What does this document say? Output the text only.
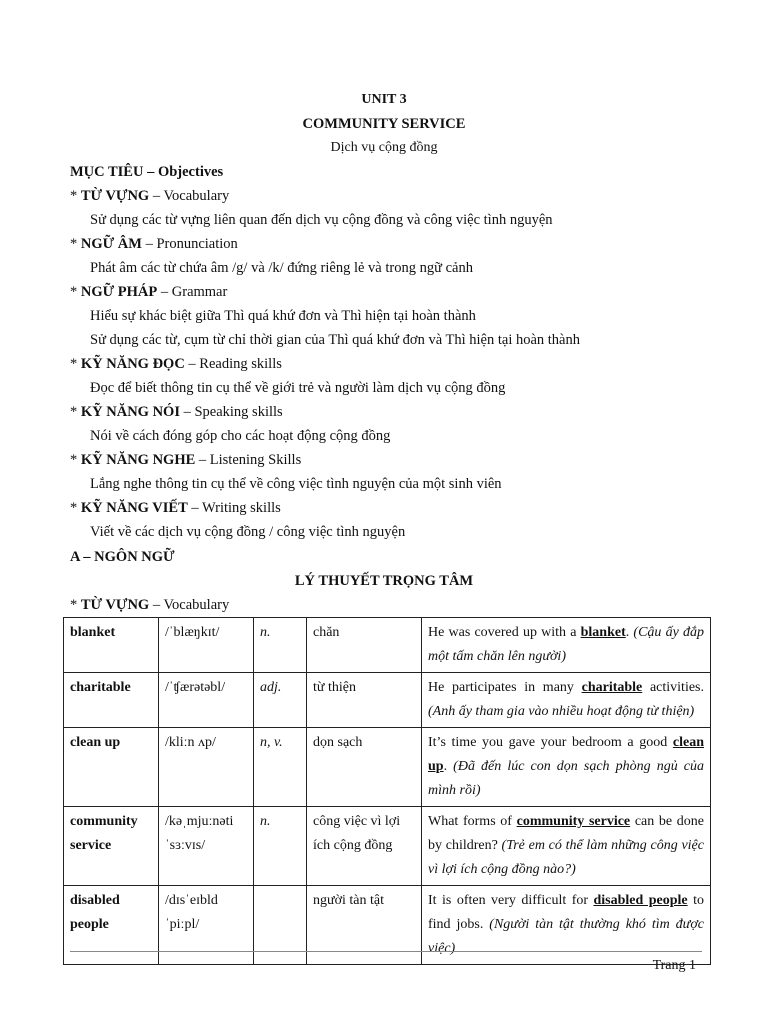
UNIT 3
COMMUNITY SERVICE
Dịch vụ cộng đồng
MỤC TIÊU – Objectives
* TỪ VỰNG – Vocabulary
Sử dụng các từ vựng liên quan đến dịch vụ cộng đồng và công việc tình nguyện
* NGỮ ÂM – Pronunciation
Phát âm các từ chứa âm /g/ và /k/ đứng riêng lẻ và trong ngữ cảnh
* NGỮ PHÁP – Grammar
Hiểu sự khác biệt giữa Thì quá khứ đơn và Thì hiện tại hoàn thành
Sử dụng các từ, cụm từ chỉ thời gian của Thì quá khứ đơn và Thì hiện tại hoàn thành
* KỸ NĂNG ĐỌC – Reading skills
Đọc để biết thông tin cụ thể về giới trẻ và người làm dịch vụ cộng đồng
* KỸ NĂNG NÓI – Speaking skills
Nói về cách đóng góp cho các hoạt động cộng đồng
* KỸ NĂNG NGHE – Listening Skills
Lắng nghe thông tin cụ thể về công việc tình nguyện của một sinh viên
* KỸ NĂNG VIẾT – Writing skills
Viết về các dịch vụ cộng đồng / công việc tình nguyện
A – NGÔN NGỮ
LÝ THUYẾT TRỌNG TÂM
* TỪ VỰNG – Vocabulary
blanket	/ˈblæŋkɪt/	n.	chăn	He was covered up with a blanket. (Cậu ấy đắp một tấm chăn lên người)
charitable	/ˈʧærətəbl/	adj.	từ thiện	He participates in many charitable activities. (Anh ấy tham gia vào nhiều hoạt động từ thiện)
clean up	/kliːn ʌp/	n, v.	dọn sạch	It’s time you gave your bedroom a good clean up. (Đã đến lúc con dọn sạch phòng ngủ của mình rồi)
community service	/kəˌmjuːnəti ˈsɜːvɪs/	n.	công việc vì lợi ích cộng đồng	What forms of community service can be done by children? (Trẻ em có thể làm những công việc vì lợi ích cộng đồng nào?)
disabled people	/dɪsˈeɪbld ˈpiːpl/		người tàn tật	It is often very difficult for disabled people to find jobs. (Người tàn tật thường khó tìm được việc)
Trang 1
